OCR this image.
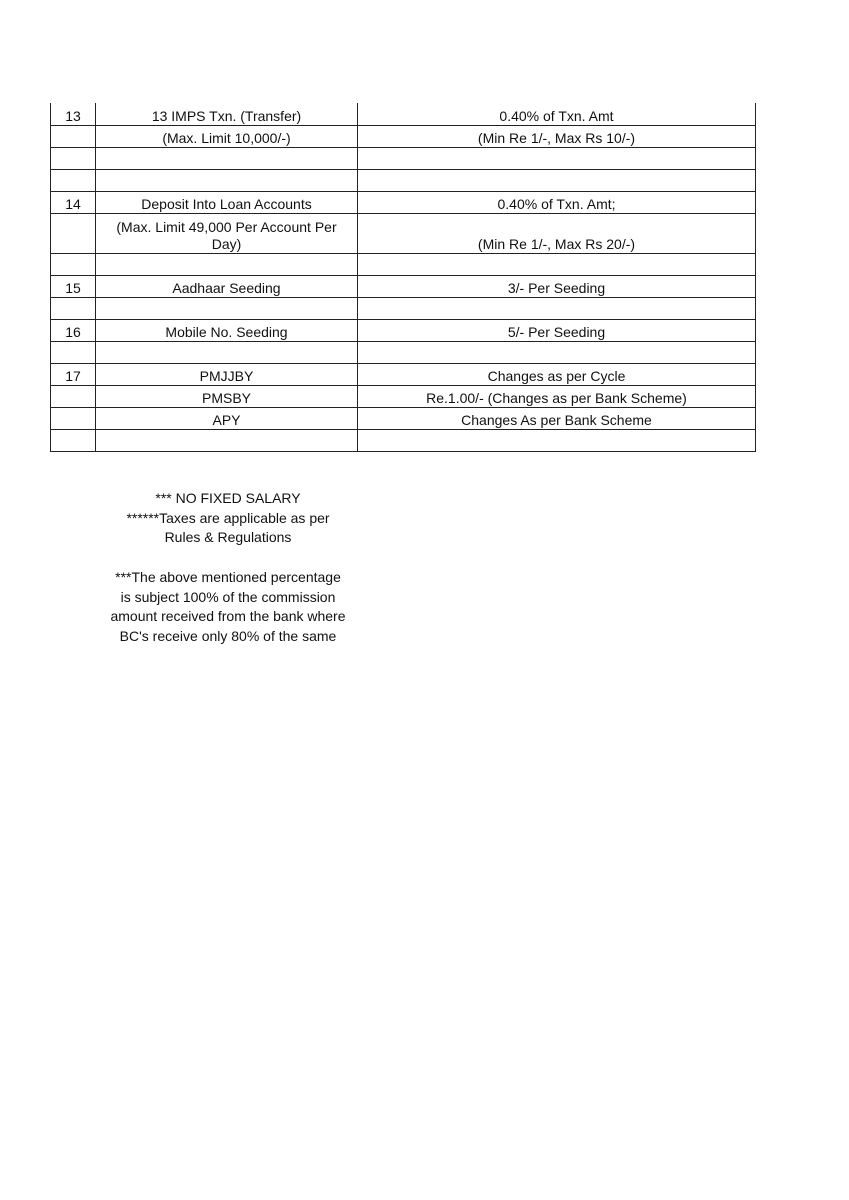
13	13 IMPS Txn. (Transfer)	0.40% of Txn. Amt
	(Max. Limit 10,000/-)	(Min Re 1/-, Max Rs 10/-)

14	Deposit Into Loan Accounts	0.40% of Txn. Amt;
	(Max. Limit 49,000 Per Account Per Day)	(Min Re 1/-, Max Rs 20/-)

15	Aadhaar Seeding	3/- Per Seeding

16	Mobile No. Seeding	5/- Per Seeding

17	PMJJBY	Changes as per Cycle
	PMSBY	Re.1.00/- (Changes as per Bank Scheme)
	APY	Changes As per Bank Scheme

*** NO FIXED SALARY
******Taxes are applicable as per
Rules & Regulations
***The above mentioned percentage
is subject 100% of the commission
amount received from the bank where
BC's receive only 80% of the same
